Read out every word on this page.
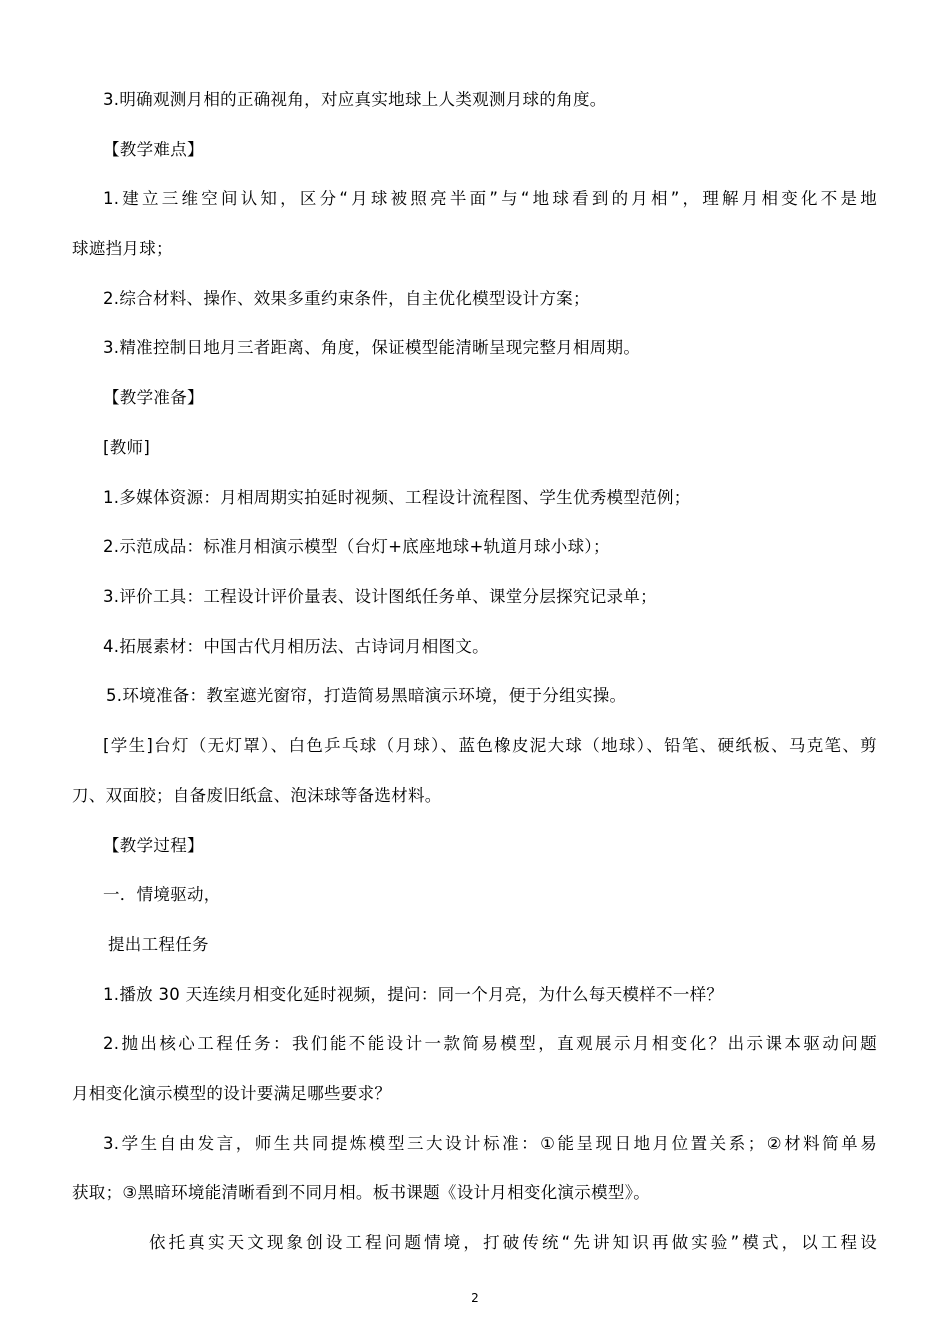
3.明确观测月相的正确视角，对应真实地球上人类观测月球的角度。
【教学难点】
1.建立三维空间认知，区分“月球被照亮半面”与“地球看到的月相”，理解月相变化不是地
球遮挡月球；
2.综合材料、操作、效果多重约束条件，自主优化模型设计方案；
3.精准控制日地月三者距离、角度，保证模型能清晰呈现完整月相周期。
【教学准备】
[教师]
1.多媒体资源：月相周期实拍延时视频、工程设计流程图、学生优秀模型范例；
2.示范成品：标准月相演示模型（台灯+底座地球+轨道月球小球）；
3.评价工具：工程设计评价量表、设计图纸任务单、课堂分层探究记录单；
4.拓展素材：中国古代月相历法、古诗词月相图文。
5.环境准备：教室遮光窗帘，打造简易黑暗演示环境，便于分组实操。
[学生]台灯（无灯罩）、白色乒乓球（月球）、蓝色橡皮泥大球（地球）、铅笔、硬纸板、马克笔、剪
刀、双面胶；自备废旧纸盒、泡沫球等备选材料。
【教学过程】
一．情境驱动，
提出工程任务
1.播放 30 天连续月相变化延时视频，提问：同一个月亮，为什么每天模样不一样？
2.抛出核心工程任务：我们能不能设计一款简易模型，直观展示月相变化？出示课本驱动问题
月相变化演示模型的设计要满足哪些要求？
3.学生自由发言，师生共同提炼模型三大设计标准：①能呈现日地月位置关系；②材料简单易
获取；③黑暗环境能清晰看到不同月相。板书课题《设计月相变化演示模型》。
依托真实天文现象创设工程问题情境，打破传统“先讲知识再做实验”模式，以工程设
2
